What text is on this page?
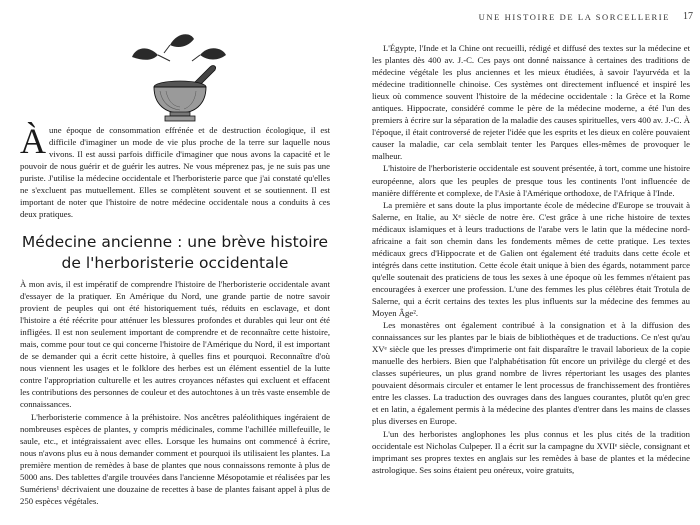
Àune époque de consommation effrénée et de destruction écologique, il est difficile d'imaginer un mode de vie plus proche de la terre sur laquelle nous vivons. Il est aussi parfois difficile d'imaginer que nous avons la capacité et le pouvoir de nous guérir et de guérir les autres. Ne vous méprenez pas, je ne suis pas une puriste. J'utilise la médecine occidentale et l'herboristerie parce que j'ai constaté qu'elles ne s'excluent pas mutuellement. Elles se complètent souvent et se soutiennent. Il est important de noter que l'histoire de notre médecine occidentale nous a conduits à ces deux pratiques.

Médecine ancienne : une brève histoire
de l'herboristerie occidentale

À mon avis, il est impératif de comprendre l'histoire de l'herboristerie occidentale avant d'essayer de la pratiquer. En Amérique du Nord, une grande partie de notre savoir provient de peuples qui ont été historiquement tués, réduits en esclavage, et dont l'histoire a été réécrite pour atténuer les blessures profondes et durables qui leur ont été infligées. Il est non seulement important de comprendre et de reconnaître cette histoire, mais, comme pour tout ce qui concerne l'histoire de l'Amérique du Nord, il est important de se demander qui a écrit cette histoire, à quelles fins et pourquoi. Reconnaître d'où nous viennent les usages et le folklore des herbes est un élément essentiel de la lutte contre l'appropriation culturelle et les autres croyances néfastes qui excluent et effacent les contributions des personnes de couleur et des autochtones à un très vaste ensemble de connaissances.

L'herboristerie commence à la préhistoire. Nos ancêtres paléolithiques ingéraient de nombreuses espèces de plantes, y compris médicinales, comme l'achillée millefeuille, le saule, etc., et intégraissaient avec elles. Lorsque les humains ont commencé à écrire, nous n'avons plus eu à nous demander comment et pourquoi ils utilisaient les plantes. La première mention de remèdes à base de plantes que nous connaissons remonte à plus de 5000 ans. Des tablettes d'argile trouvées dans l'ancienne Mésopotamie et réalisées par les Sumériens¹ décrivaient une douzaine de recettes à base de plantes faisant appel à plus de 250 espèces végétales.

UNE HISTOIRE DE LA SORCELLERIE 17

L'Égypte, l'Inde et la Chine ont recueilli, rédigé et diffusé des textes sur la médecine et les plantes dès 400 av. J.-C. Ces pays ont donné naissance à certaines des traditions de médecine végétale les plus anciennes et les mieux étudiées, à savoir l'ayurvéda et la médecine traditionnelle chinoise. Ces systèmes ont directement influencé et inspiré les lieux où commence souvent l'histoire de la médecine occidentale : la Grèce et la Rome antiques. Hippocrate, considéré comme le père de la médecine moderne, a été l'un des premiers à écrire sur la séparation de la maladie des causes spirituelles, vers 400 av. J.-C. À l'époque, il était controversé de rejeter l'idée que les esprits et les dieux en colère pouvaient causer la maladie, car cela semblait tenter les Parques elles-mêmes de provoquer le malheur.

L'histoire de l'herboristerie occidentale est souvent présentée, à tort, comme une histoire européenne, alors que les peuples de presque tous les continents l'ont influencée de manière différente et complexe, de l'Asie à l'Amérique orthodoxe, de l'Afrique à l'Inde.

La première et sans doute la plus importante école de médecine d'Europe se trouvait à Salerne, en Italie, au Xᵉ siècle de notre ère. C'est grâce à une riche histoire de textes médicaux islamiques et à leurs traductions de l'arabe vers le latin que la médecine nord-africaine a fait son chemin dans les fondements mêmes de cette pratique. Les textes médicaux grecs d'Hippocrate et de Galien ont également été traduits dans cette école et intégrés dans cette institution. Cette école était unique à bien des égards, notamment parce qu'elle soutenait des praticiens de tous les sexes à une époque où les femmes n'étaient pas encouragées à exercer une profession. L'une des femmes les plus célèbres était Trotula de Salerne, qui a écrit certains des textes les plus influents sur la médecine des femmes au Moyen Âge².

Les monastères ont également contribué à la consignation et à la diffusion des connaissances sur les plantes par le biais de bibliothèques et de traductions. Ce n'est qu'au XVᵉ siècle que les presses d'imprimerie ont fait disparaître le travail laborieux de la copie manuelle des herbiers. Bien que l'alphabétisation fût encore un privilège du clergé et des classes supérieures, un plus grand nombre de livres répertoriant les usages des plantes pouvaient désormais circuler et entamer le lent processus de franchissement des frontières entre les classes. La traduction des ouvrages dans des langues courantes, plutôt qu'en grec et en latin, a également permis à la médecine des plantes d'entrer dans les mains de classes plus diverses en Europe.

L'un des herboristes anglophones les plus connus et les plus cités de la tradition occidentale est Nicholas Culpeper. Il a écrit sur la campagne du XVIIᵉ siècle, consignant et imprimant ses propres textes en anglais sur les remèdes à base de plantes et la médecine astrologique. Ses soins étaient peu onéreux, voire gratuits,
